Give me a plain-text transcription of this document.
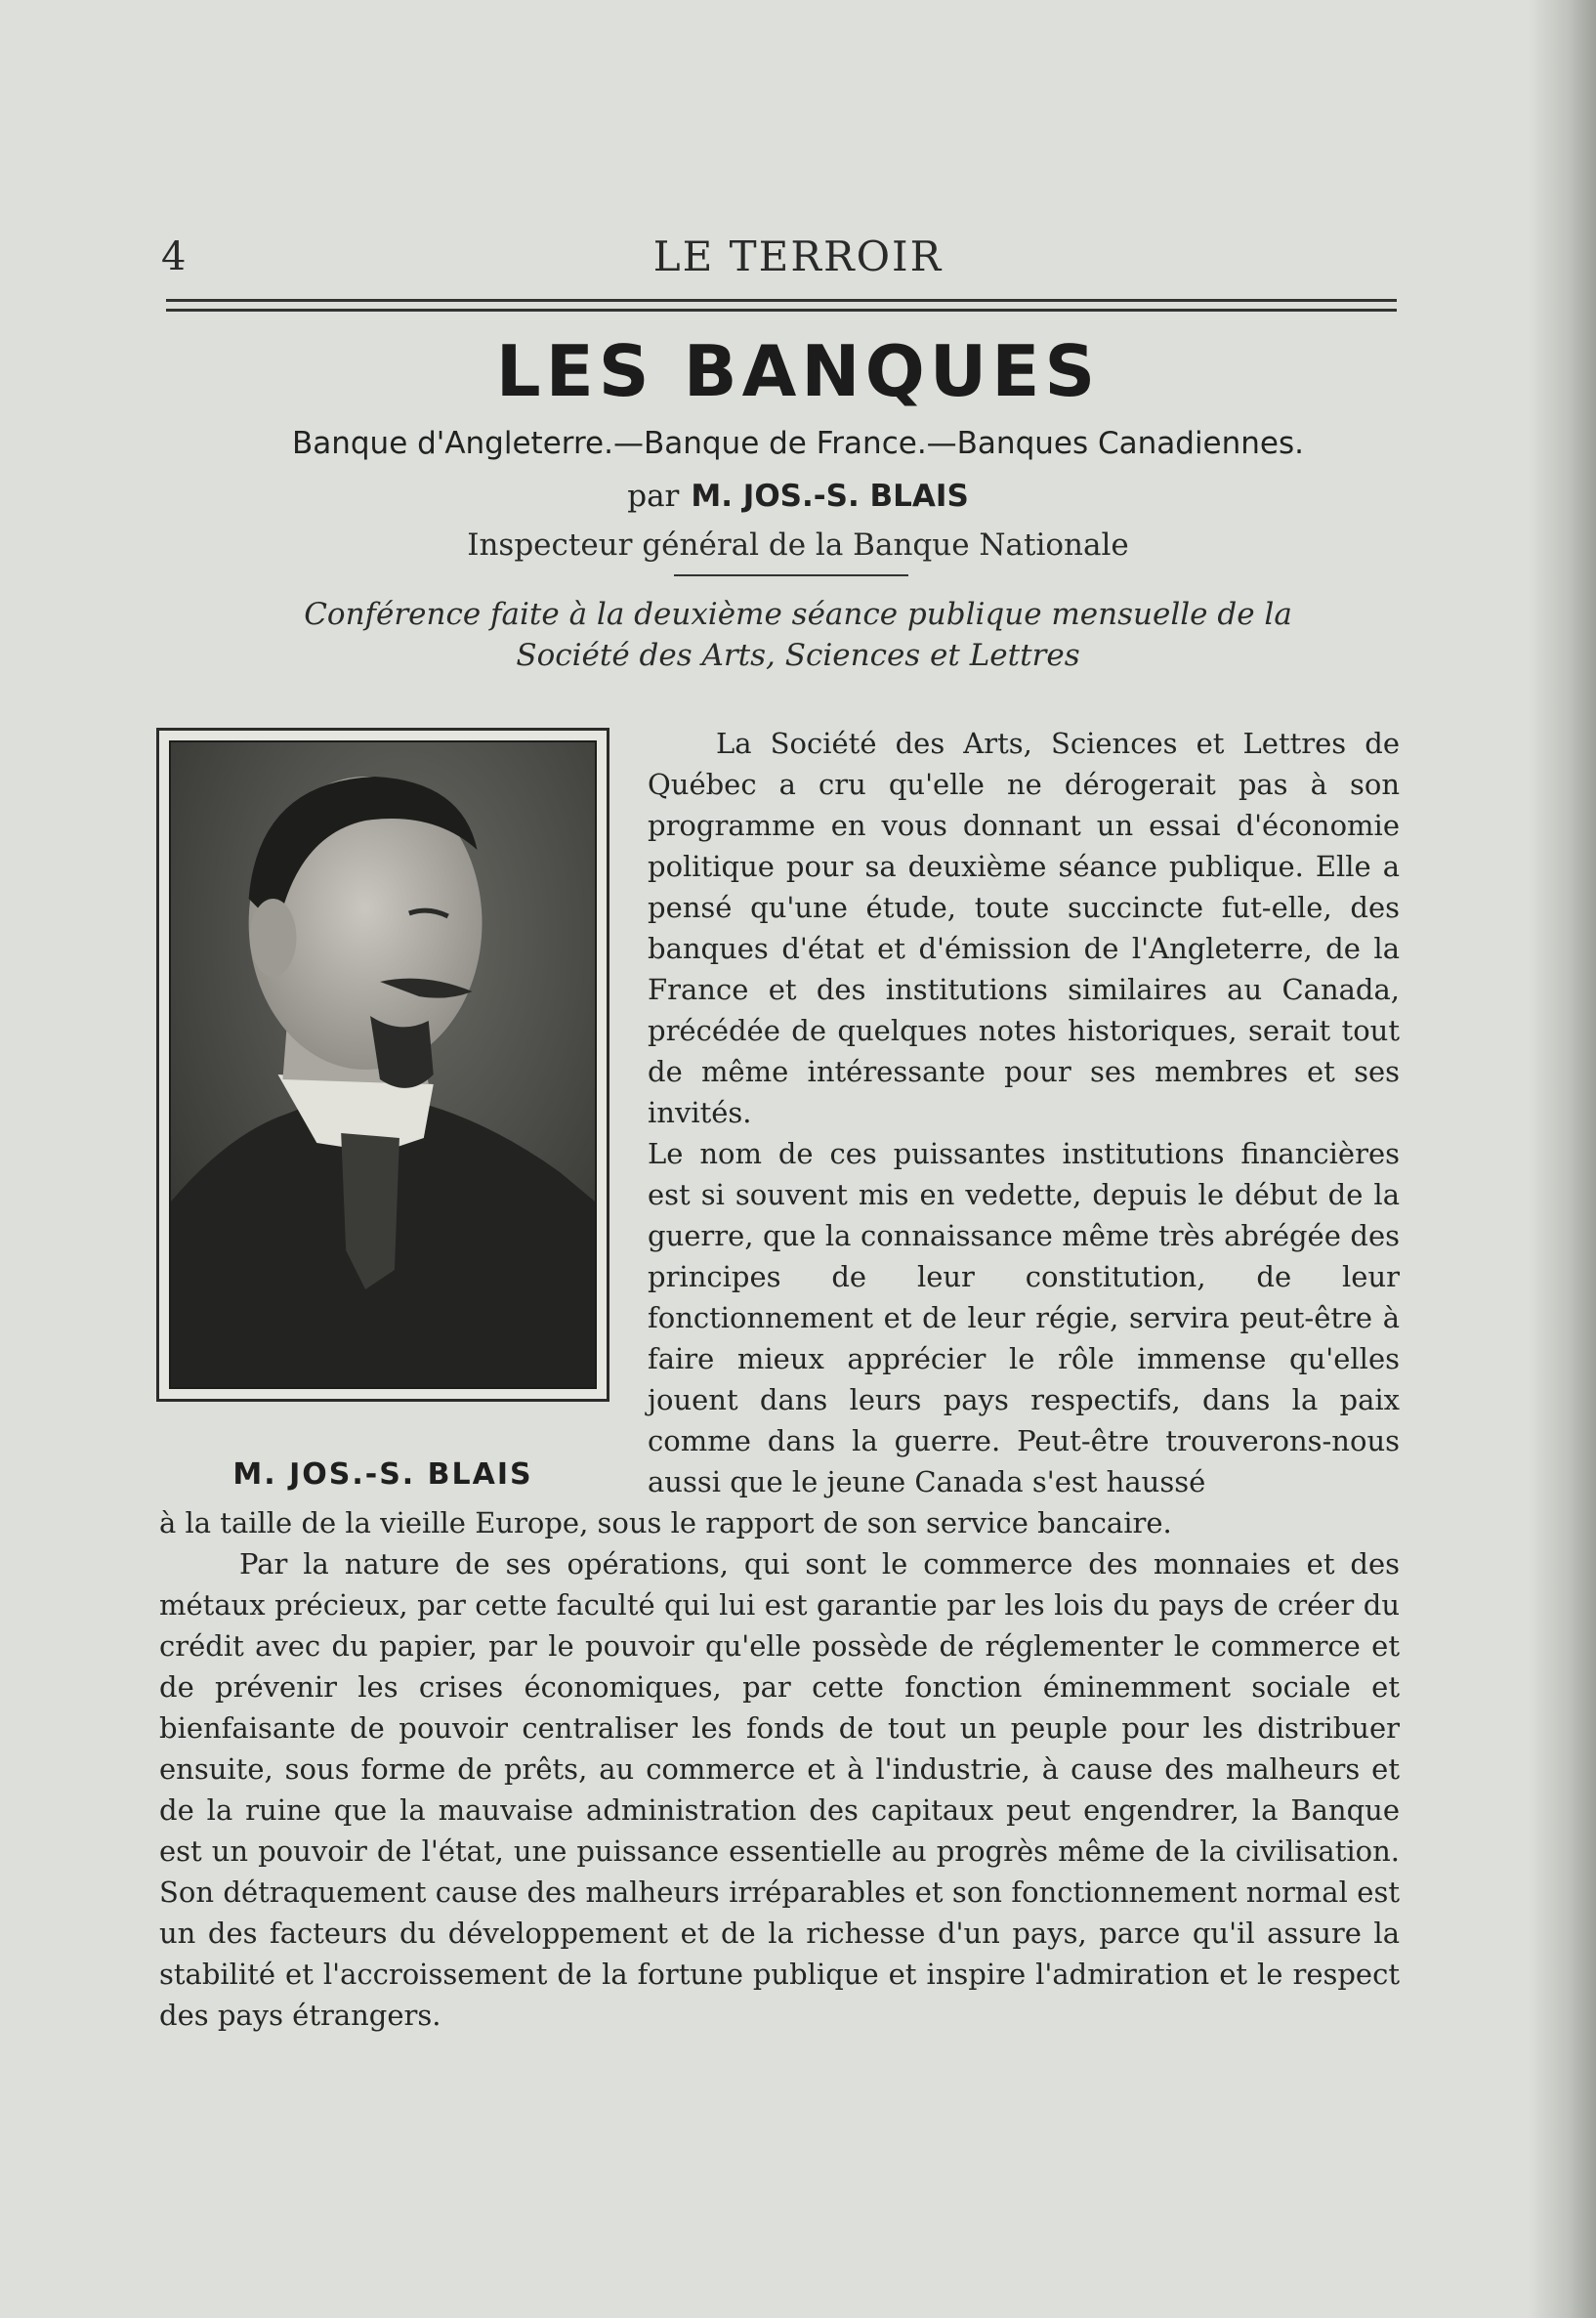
4	LE TERROIR
LES BANQUES
Banque d'Angleterre.—Banque de France.—Banques Canadiennes.
par M. JOS.-S. BLAIS
Inspecteur général de la Banque Nationale
Conférence faite à la deuxième séance publique mensuelle de la
Société des Arts, Sciences et Lettres
M. JOS.-S. BLAIS

La Société des Arts, Sciences et Lettres de Québec a cru qu'elle ne dérogerait pas à son programme en vous donnant un essai d'économie politique pour sa deuxième séance publique. Elle a pensé qu'une étude, toute succincte fut-elle, des banques d'état et d'émission de l'Angleterre, de la France et des institutions similaires au Canada, précédée de quelques notes historiques, serait tout de même intéressante pour ses membres et ses invités.

Le nom de ces puissantes institutions financières est si souvent mis en vedette, depuis le début de la guerre, que la connaissance même très abrégée des principes de leur constitution, de leur fonctionnement et de leur régie, servira peut-être à faire mieux apprécier le rôle immense qu'elles jouent dans leurs pays respectifs, dans la paix comme dans la guerre. Peut-être trouverons-nous aussi que le jeune Canada s'est haussé

à la taille de la vieille Europe, sous le rapport de son service bancaire.

Par la nature de ses opérations, qui sont le commerce des monnaies et des métaux précieux, par cette faculté qui lui est garantie par les lois du pays de créer du crédit avec du papier, par le pouvoir qu'elle possède de réglementer le commerce et de prévenir les crises économiques, par cette fonction éminemment sociale et bienfaisante de pouvoir centraliser les fonds de tout un peuple pour les distribuer ensuite, sous forme de prêts, au commerce et à l'industrie, à cause des malheurs et de la ruine que la mauvaise administration des capitaux peut engendrer, la Banque est un pouvoir de l'état, une puissance essentielle au progrès même de la civilisation. Son détraquement cause des malheurs irréparables et son fonctionnement normal est un des facteurs du développement et de la richesse d'un pays, parce qu'il assure la stabilité et l'accroissement de la fortune publique et inspire l'admiration et le respect des pays étrangers.
